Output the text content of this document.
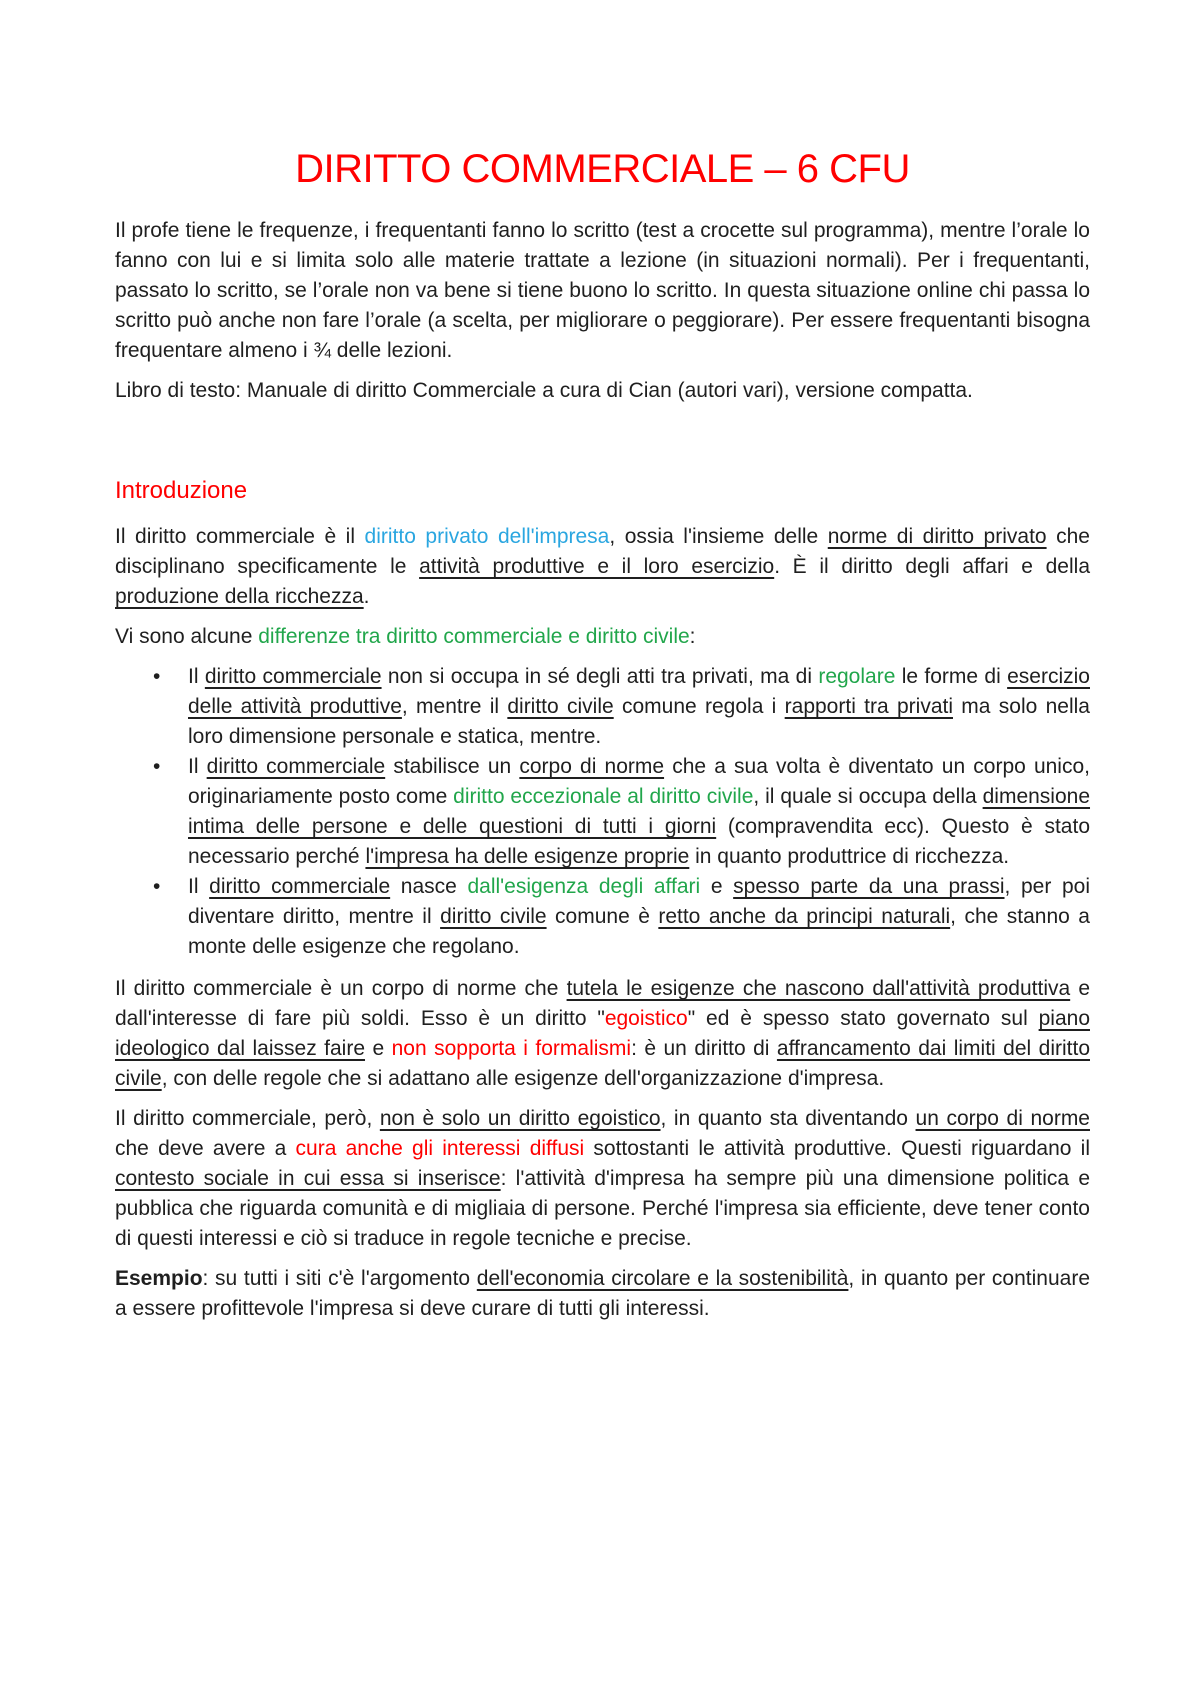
DIRITTO COMMERCIALE – 6 CFU

Il profe tiene le frequenze, i frequentanti fanno lo scritto (test a crocette sul programma), mentre l’orale lo fanno con lui e si limita solo alle materie trattate a lezione (in situazioni normali). Per i frequentanti, passato lo scritto, se l’orale non va bene si tiene buono lo scritto. In questa situazione online chi passa lo scritto può anche non fare l’orale (a scelta, per migliorare o peggiorare). Per essere frequentanti bisogna frequentare almeno i ¾ delle lezioni.

Libro di testo: Manuale di diritto Commerciale a cura di Cian (autori vari), versione compatta.

Introduzione

Il diritto commerciale è il diritto privato dell'impresa, ossia l'insieme delle norme di diritto privato che disciplinano specificamente le attività produttive e il loro esercizio. È il diritto degli affari e della produzione della ricchezza.

Vi sono alcune differenze tra diritto commerciale e diritto civile:

• Il diritto commerciale non si occupa in sé degli atti tra privati, ma di regolare le forme di esercizio delle attività produttive, mentre il diritto civile comune regola i rapporti tra privati ma solo nella loro dimensione personale e statica, mentre.
• Il diritto commerciale stabilisce un corpo di norme che a sua volta è diventato un corpo unico, originariamente posto come diritto eccezionale al diritto civile, il quale si occupa della dimensione intima delle persone e delle questioni di tutti i giorni (compravendita ecc). Questo è stato necessario perché l'impresa ha delle esigenze proprie in quanto produttrice di ricchezza.
• Il diritto commerciale nasce dall'esigenza degli affari e spesso parte da una prassi, per poi diventare diritto, mentre il diritto civile comune è retto anche da principi naturali, che stanno a monte delle esigenze che regolano.

Il diritto commerciale è un corpo di norme che tutela le esigenze che nascono dall'attività produttiva e dall'interesse di fare più soldi. Esso è un diritto "egoistico" ed è spesso stato governato sul piano ideologico dal laissez faire e non sopporta i formalismi: è un diritto di affrancamento dai limiti del diritto civile, con delle regole che si adattano alle esigenze dell'organizzazione d'impresa.

Il diritto commerciale, però, non è solo un diritto egoistico, in quanto sta diventando un corpo di norme che deve avere a cura anche gli interessi diffusi sottostanti le attività produttive. Questi riguardano il contesto sociale in cui essa si inserisce: l'attività d'impresa ha sempre più una dimensione politica e pubblica che riguarda comunità e di migliaia di persone. Perché l'impresa sia efficiente, deve tener conto di questi interessi e ciò si traduce in regole tecniche e precise.

Esempio: su tutti i siti c'è l'argomento dell'economia circolare e la sostenibilità, in quanto per continuare a essere profittevole l'impresa si deve curare di tutti gli interessi.
